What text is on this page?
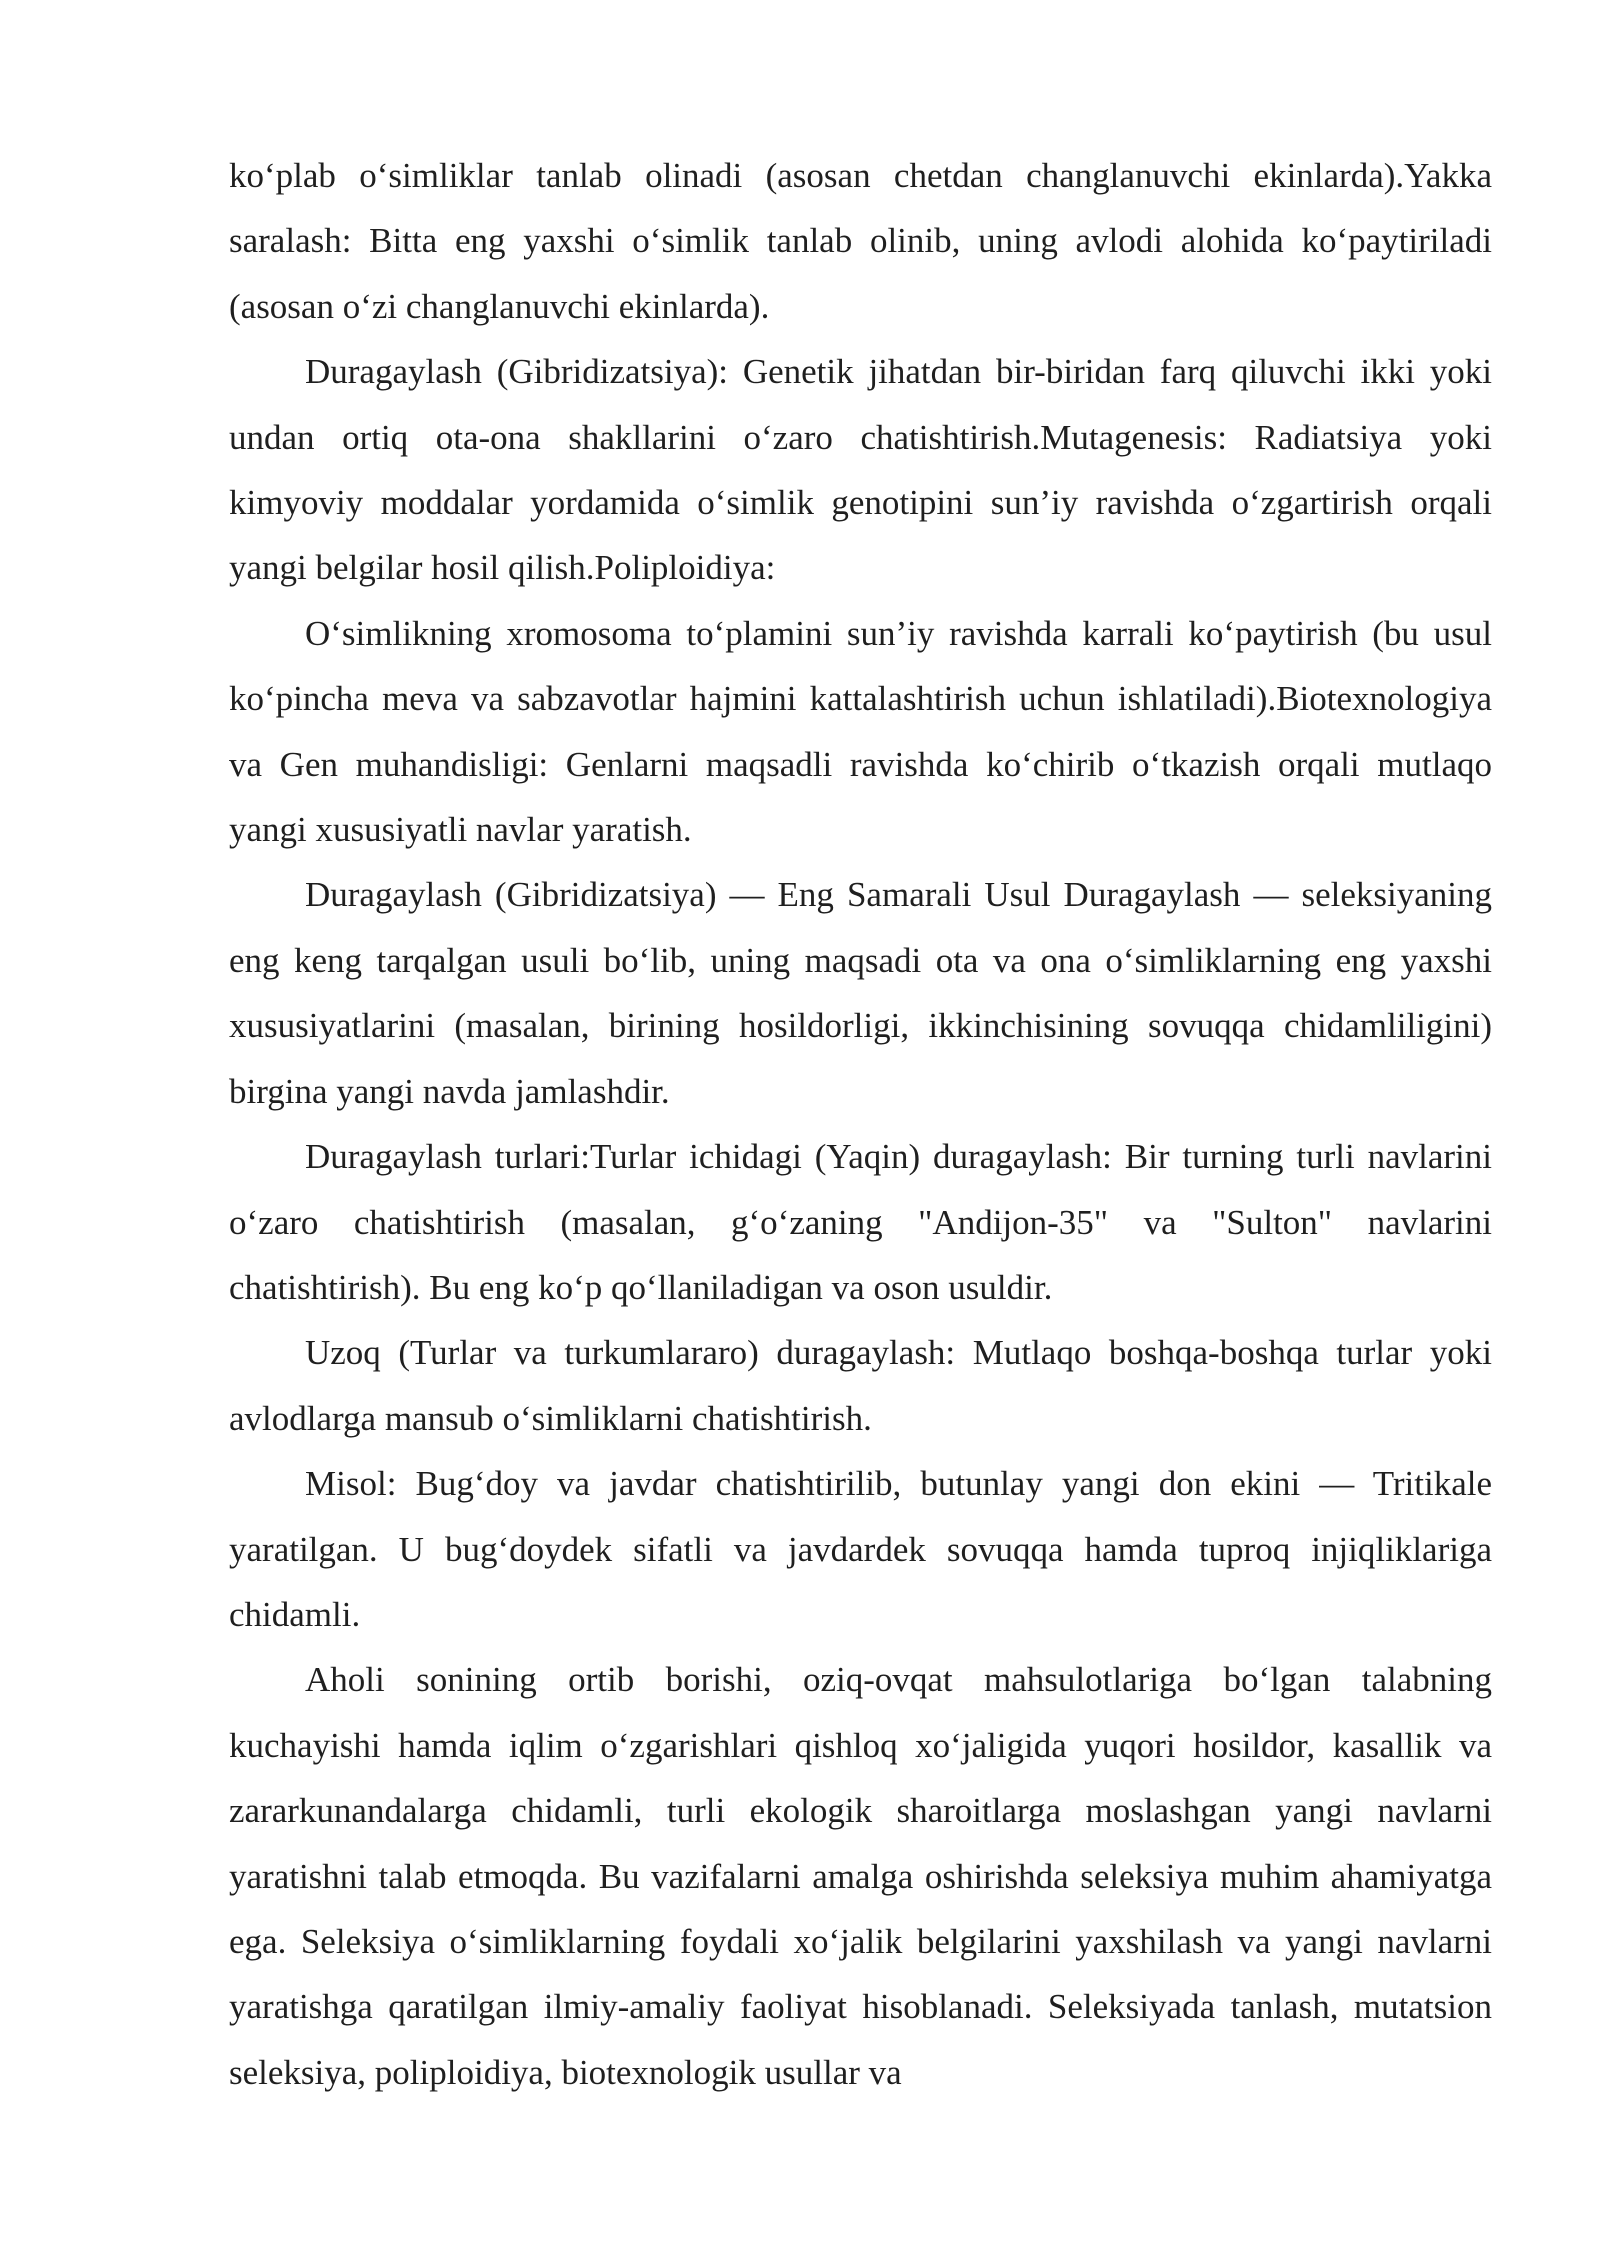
ko‘plab o‘simliklar tanlab olinadi (asosan chetdan changlanuvchi ekinlarda).Yakka saralash: Bitta eng yaxshi o‘simlik tanlab olinib, uning avlodi alohida ko‘paytiriladi (asosan o‘zi changlanuvchi ekinlarda).

Duragaylash (Gibridizatsiya): Genetik jihatdan bir-biridan farq qiluvchi ikki yoki undan ortiq ota-ona shakllarini o‘zaro chatishtirish.Mutagenesis: Radiatsiya yoki kimyoviy moddalar yordamida o‘simlik genotipini sun’iy ravishda o‘zgartirish orqali yangi belgilar hosil qilish.Poliploidiya:

O‘simlikning xromosoma to‘plamini sun’iy ravishda karrali ko‘paytirish (bu usul ko‘pincha meva va sabzavotlar hajmini kattalashtirish uchun ishlatiladi).Biotexnologiya va Gen muhandisligi: Genlarni maqsadli ravishda ko‘chirib o‘tkazish orqali mutlaqo yangi xususiyatli navlar yaratish.

Duragaylash (Gibridizatsiya) — Eng Samarali Usul Duragaylash — seleksiyaning eng keng tarqalgan usuli bo‘lib, uning maqsadi ota va ona o‘simliklarning eng yaxshi xususiyatlarini (masalan, birining hosildorligi, ikkinchisining sovuqqa chidamliligini) birgina yangi navda jamlashdir.

Duragaylash turlari:Turlar ichidagi (Yaqin) duragaylash: Bir turning turli navlarini o‘zaro chatishtirish (masalan, g‘o‘zaning "Andijon-35" va "Sulton" navlarini chatishtirish). Bu eng ko‘p qo‘llaniladigan va oson usuldir.

Uzoq (Turlar va turkumlararo) duragaylash: Mutlaqo boshqa-boshqa turlar yoki avlodlarga mansub o‘simliklarni chatishtirish.

Misol: Bug‘doy va javdar chatishtirilib, butunlay yangi don ekini — Tritikale yaratilgan. U bug‘doydek sifatli va javdardek sovuqqa hamda tuproq injiqliklariga chidamli.

Aholi sonining ortib borishi, oziq-ovqat mahsulotlariga bo‘lgan talabning kuchayishi hamda iqlim o‘zgarishlari qishloq xo‘jaligida yuqori hosildor, kasallik va zararkunandalarga chidamli, turli ekologik sharoitlarga moslashgan yangi navlarni yaratishni talab etmoqda. Bu vazifalarni amalga oshirishda seleksiya muhim ahamiyatga ega. Seleksiya o‘simliklarning foydali xo‘jalik belgilarini yaxshilash va yangi navlarni yaratishga qaratilgan ilmiy-amaliy faoliyat hisoblanadi. Seleksiyada tanlash, mutatsion seleksiya, poliploidiya, biotexnologik usullar va
